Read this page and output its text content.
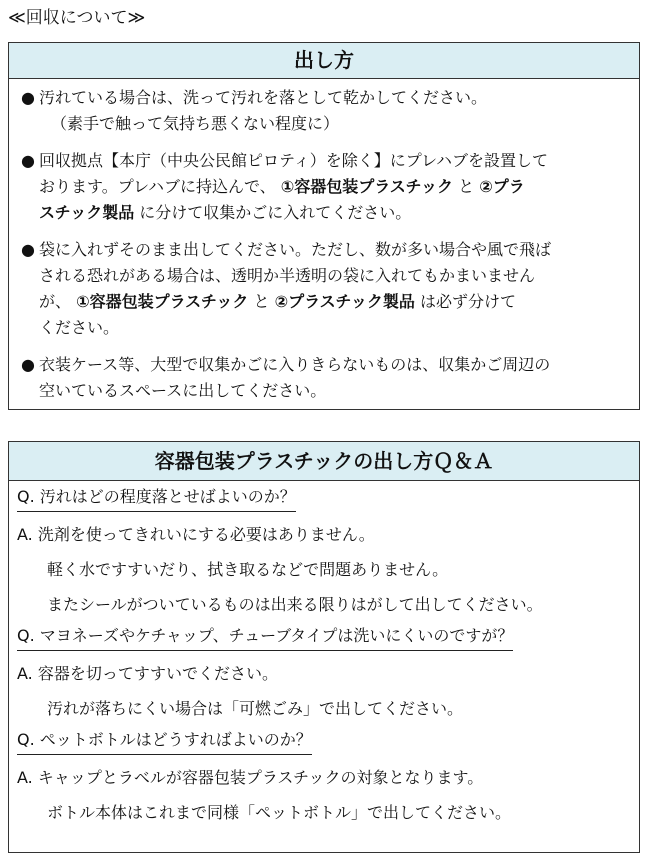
≪回収について≫
出し方
● 汚れている場合は、洗って汚れを落として乾かしてください。
（素手で触って気持ち悪くない程度に）
● 回収拠点【本庁（中央公民館ピロティ）を除く】にプレハブを設置して
おります。プレハブに持込んで、 ①容器包装プラスチック と ②プラ
スチック製品 に分けて収集かごに入れてください。
● 袋に入れずそのまま出してください。ただし、数が多い場合や風で飛ば
される恐れがある場合は、透明か半透明の袋に入れてもかまいません
が、 ①容器包装プラスチック と ②プラスチック製品 は必ず分けて
ください。
● 衣装ケース等、大型で収集かごに入りきらないものは、収集かご周辺の
空いているスペースに出してください。
容器包装プラスチックの出し方Ｑ＆Ａ
Q. 汚れはどの程度落とせばよいのか？
A. 洗剤を使ってきれいにする必要はありません。
軽く水ですすいだり、拭き取るなどで問題ありません。
またシールがついているものは出来る限りはがして出してください。
Q. マヨネーズやケチャップ、チューブタイプは洗いにくいのですが？
A. 容器を切ってすすいでください。
汚れが落ちにくい場合は「可燃ごみ」で出してください。
Q. ペットボトルはどうすればよいのか？
A. キャップとラベルが容器包装プラスチックの対象となります。
ボトル本体はこれまで同様「ペットボトル」で出してください。
